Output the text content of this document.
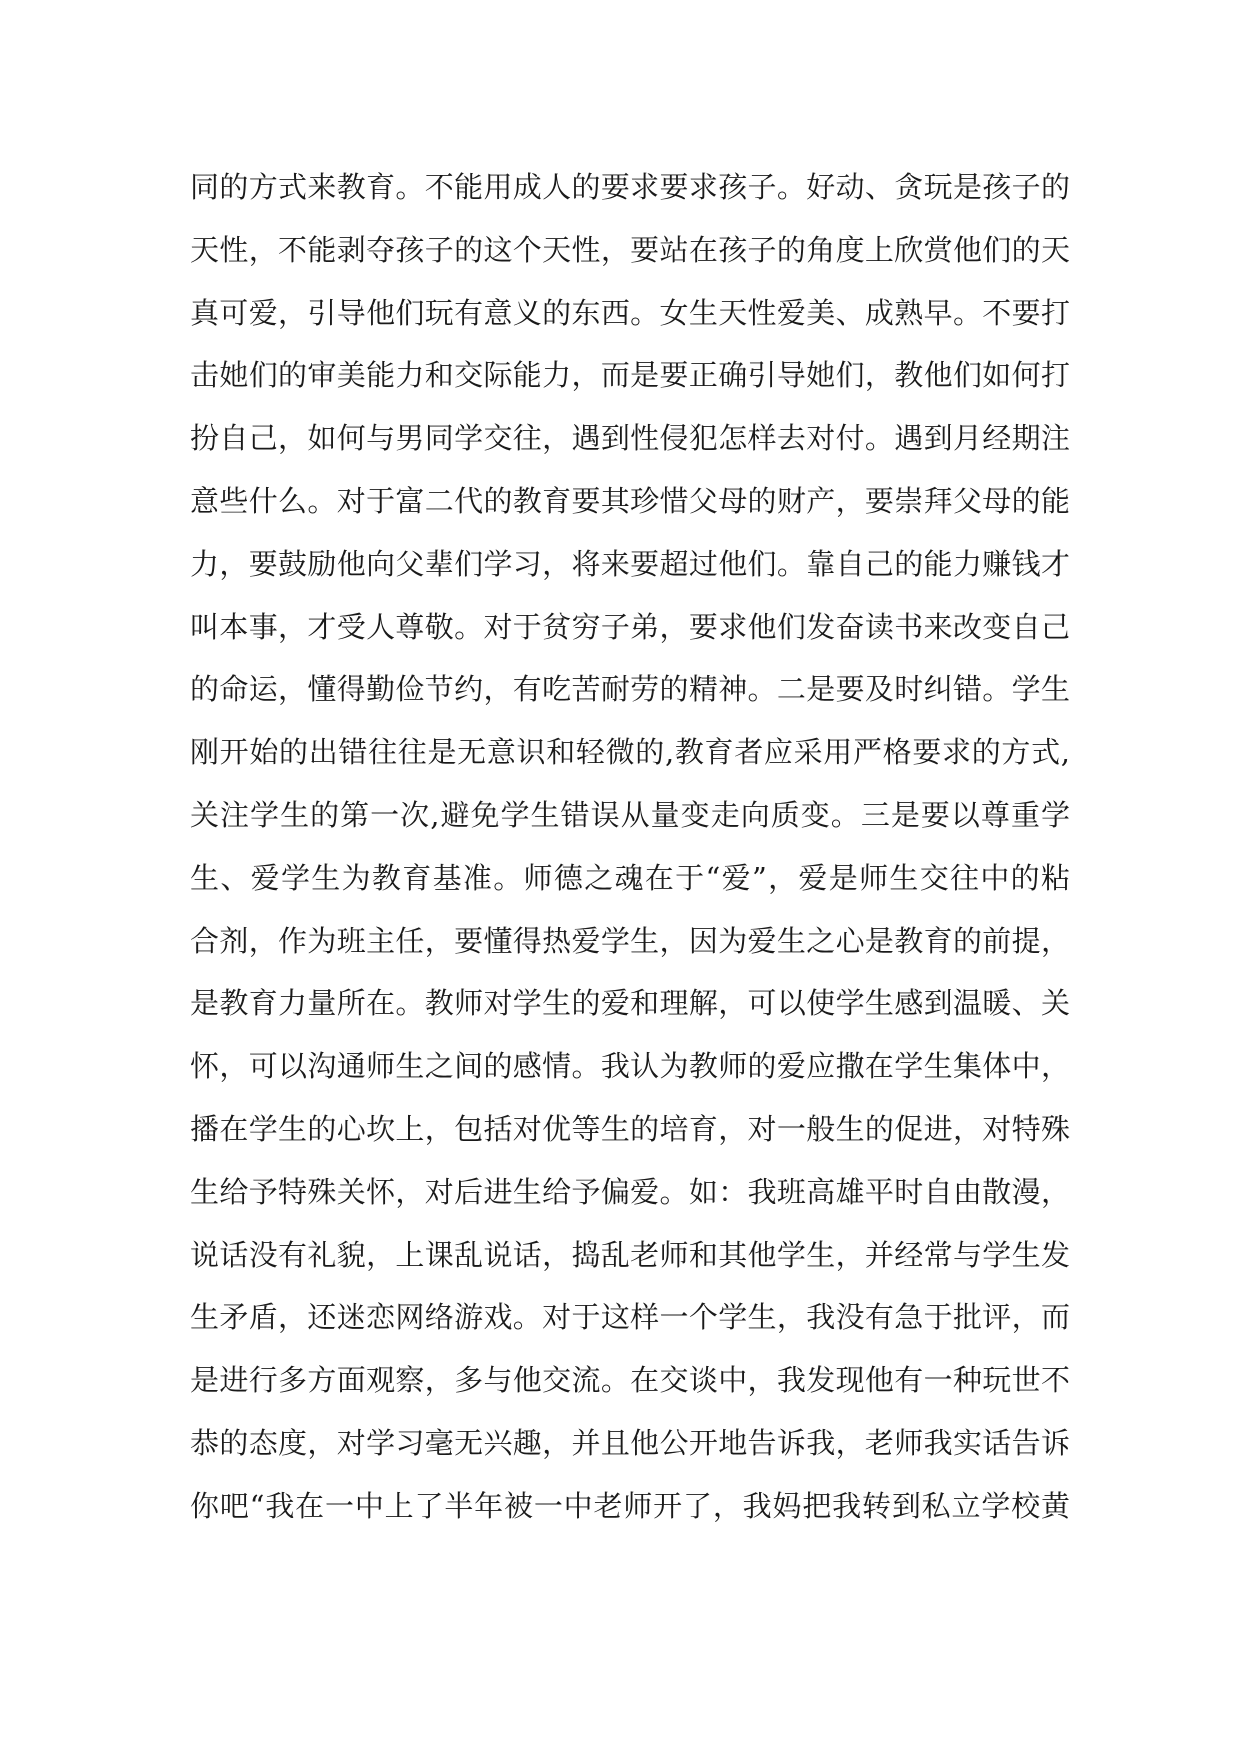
同的方式来教育。不能用成人的要求要求孩子。好动、贪玩是孩子的
天性，不能剥夺孩子的这个天性，要站在孩子的角度上欣赏他们的天
真可爱，引导他们玩有意义的东西。女生天性爱美、成熟早。不要打
击她们的审美能力和交际能力，而是要正确引导她们，教他们如何打
扮自己，如何与男同学交往，遇到性侵犯怎样去对付。遇到月经期注
意些什么。对于富二代的教育要其珍惜父母的财产，要崇拜父母的能
力，要鼓励他向父辈们学习，将来要超过他们。靠自己的能力赚钱才
叫本事，才受人尊敬。对于贫穷子弟，要求他们发奋读书来改变自己
的命运，懂得勤俭节约，有吃苦耐劳的精神。二是要及时纠错。学生
刚开始的出错往往是无意识和轻微的,教育者应采用严格要求的方式,
关注学生的第一次,避免学生错误从量变走向质变。三是要以尊重学
生、爱学生为教育基准。师德之魂在于“爱”，爱是师生交往中的粘
合剂，作为班主任，要懂得热爱学生，因为爱生之心是教育的前提，
是教育力量所在。教师对学生的爱和理解，可以使学生感到温暖、关
怀，可以沟通师生之间的感情。我认为教师的爱应撒在学生集体中，
播在学生的心坎上，包括对优等生的培育，对一般生的促进，对特殊
生给予特殊关怀，对后进生给予偏爱。如：我班高雄平时自由散漫，
说话没有礼貌，上课乱说话，捣乱老师和其他学生，并经常与学生发
生矛盾，还迷恋网络游戏。对于这样一个学生，我没有急于批评，而
是进行多方面观察，多与他交流。在交谈中，我发现他有一种玩世不
恭的态度，对学习毫无兴趣，并且他公开地告诉我，老师我实话告诉
你吧“我在一中上了半年被一中老师开了，我妈把我转到私立学校黄
